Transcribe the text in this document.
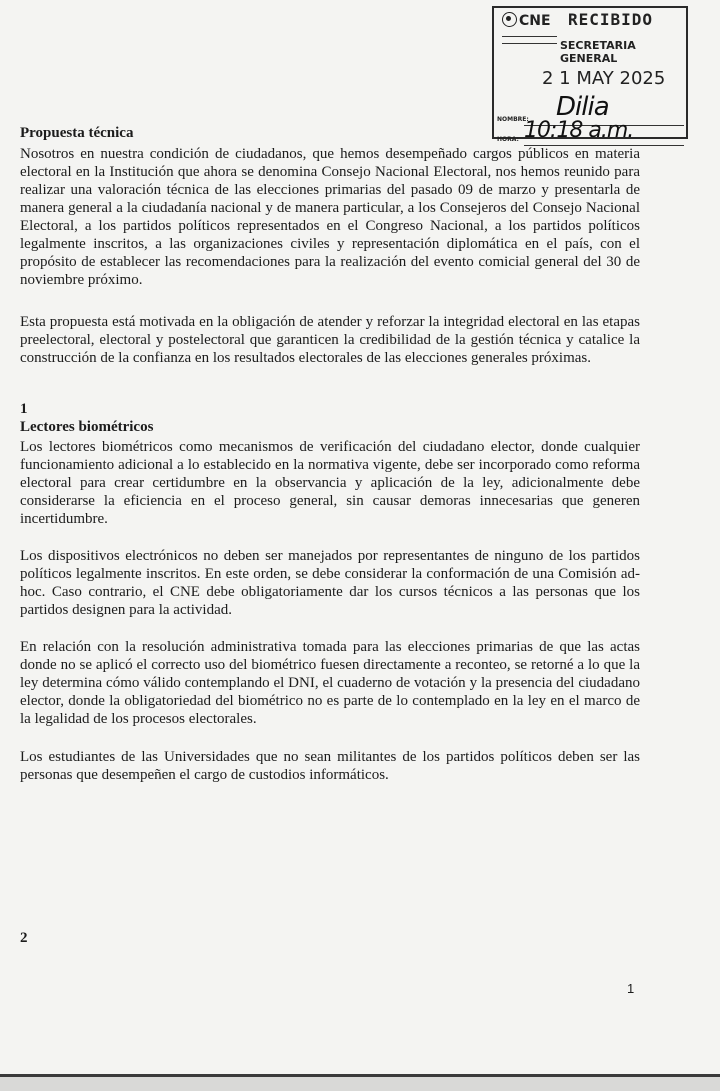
CNE RECIBIDO
SECRETARIA GENERAL
2 1 MAY 2025
NOMBRE: Dilia
HORA: 10:18 a.m.
Propuesta técnica

Nosotros en nuestra condición de ciudadanos, que hemos desempeñado cargos públicos en materia electoral en la Institución que ahora se denomina Consejo Nacional Electoral, nos hemos reunido para realizar una valoración técnica de las elecciones primarias del pasado 09 de marzo y presentarla de manera general a la ciudadanía nacional y de manera particular, a los Consejeros del Consejo Nacional Electoral, a los partidos políticos representados en el Congreso Nacional, a los partidos políticos legalmente inscritos, a las organizaciones civiles y representación diplomática en el país, con el propósito de establecer las recomendaciones para la realización del evento comicial general del 30 de noviembre próximo.

Esta propuesta está motivada en la obligación de atender y reforzar la integridad electoral en las etapas preelectoral, electoral y postelectoral que garanticen la credibilidad de la gestión técnica y catalice la construcción de la confianza en los resultados electorales de las elecciones generales próximas.

1
Lectores biométricos

Los lectores biométricos como mecanismos de verificación del ciudadano elector, donde cualquier funcionamiento adicional a lo establecido en la normativa vigente, debe ser incorporado como reforma electoral para crear certidumbre en la observancia y aplicación de la ley, adicionalmente debe considerarse la eficiencia en el proceso general, sin causar demoras innecesarias que generen incertidumbre.

Los dispositivos electrónicos no deben ser manejados por representantes de ninguno de los partidos políticos legalmente inscritos. En este orden, se debe considerar la conformación de una Comisión ad-hoc. Caso contrario, el CNE debe obligatoriamente dar los cursos técnicos a las personas que los partidos designen para la actividad.

En relación con la resolución administrativa tomada para las elecciones primarias de que las actas donde no se aplicó el correcto uso del biométrico fuesen directamente a reconteo, se retorné a lo que la ley determina cómo válido contemplando el DNI, el cuaderno de votación y la presencia del ciudadano elector, donde la obligatoriedad del biométrico no es parte de lo contemplado en la ley en el marco de la legalidad de los procesos electorales.

Los estudiantes de las Universidades que no sean militantes de los partidos políticos deben ser las personas que desempeñen el cargo de custodios informáticos.

2
1
